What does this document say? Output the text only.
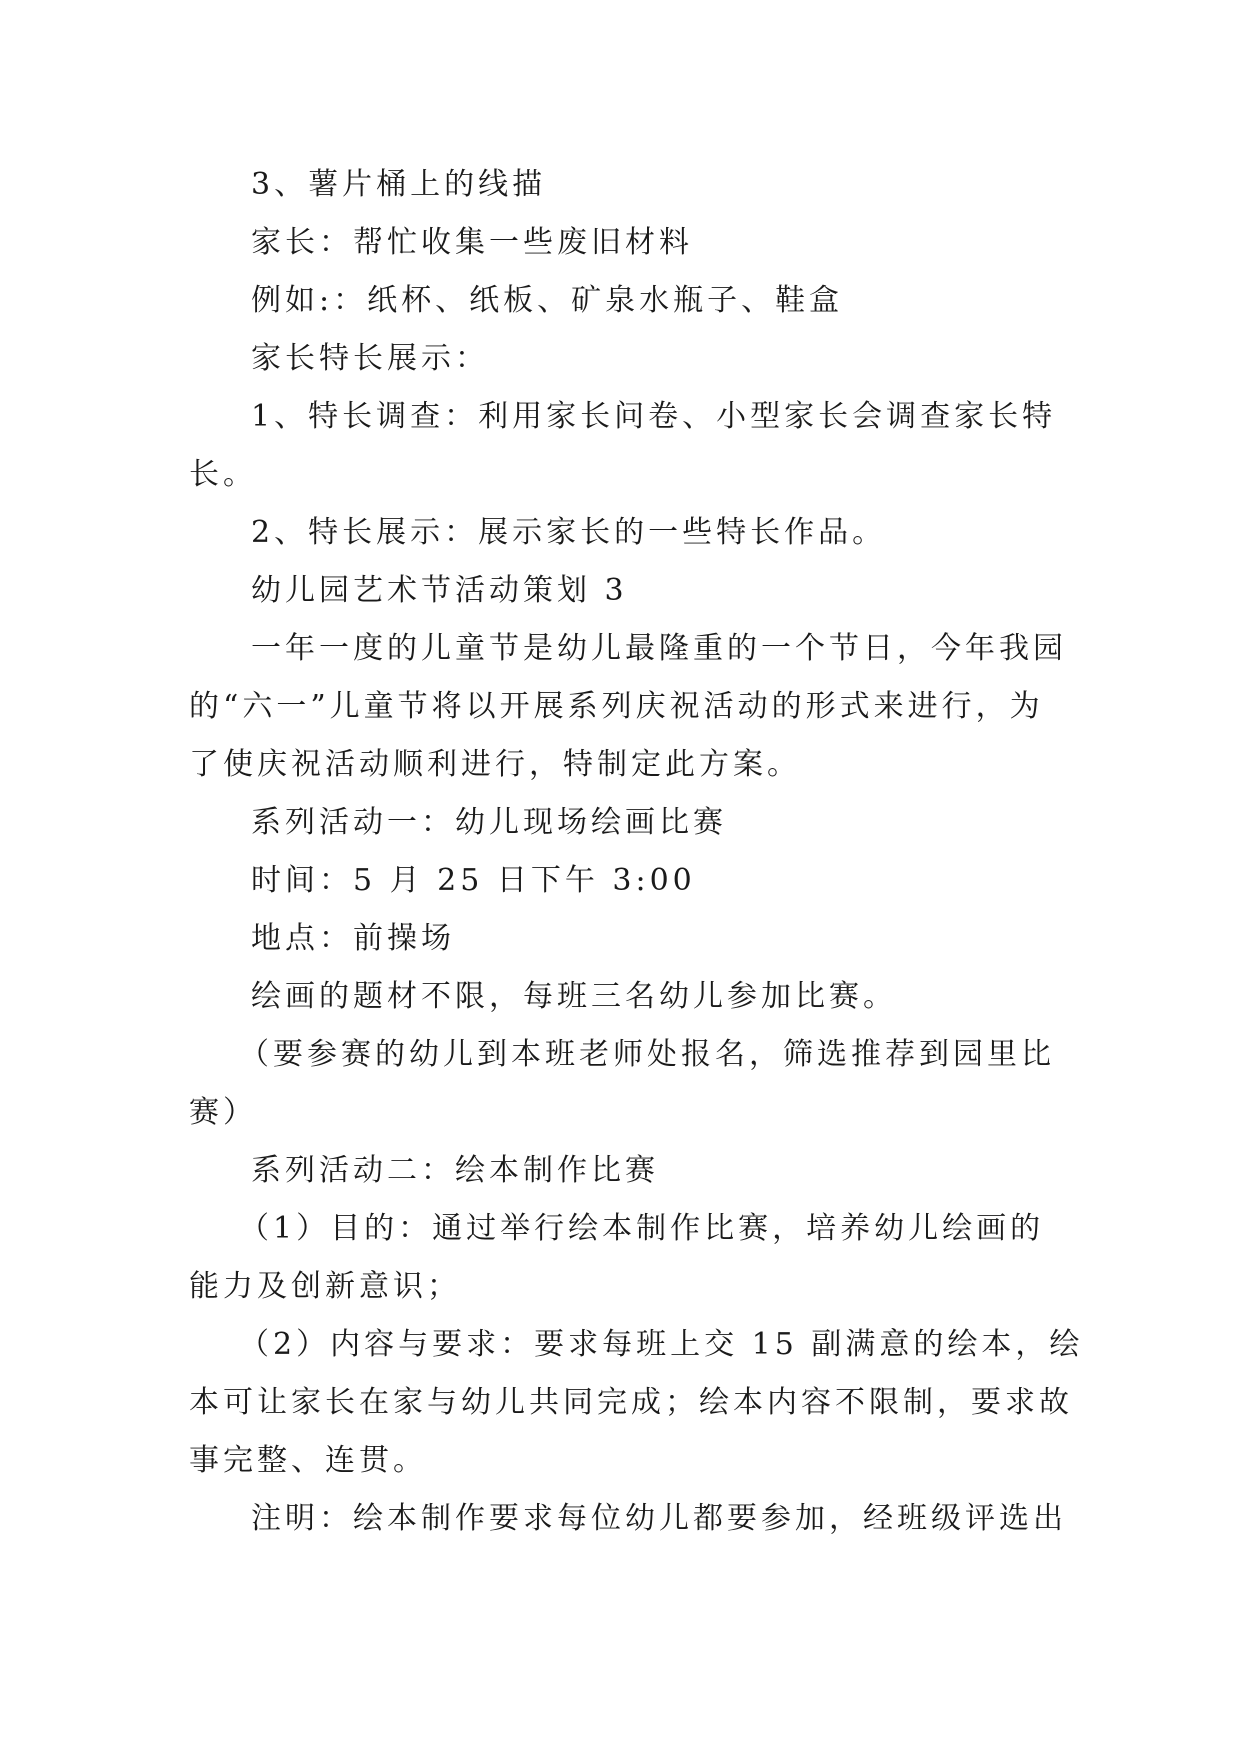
3、薯片桶上的线描
家长：帮忙收集一些废旧材料
例如:：纸杯、纸板、矿泉水瓶子、鞋盒
家长特长展示：
1、特长调查：利用家长问卷、小型家长会调查家长特
长。
2、特长展示：展示家长的一些特长作品。
幼儿园艺术节活动策划 3
一年一度的儿童节是幼儿最隆重的一个节日，今年我园
的“六一”儿童节将以开展系列庆祝活动的形式来进行，为
了使庆祝活动顺利进行，特制定此方案。
系列活动一：幼儿现场绘画比赛
时间：5 月 25 日下午 3:00
地点：前操场
绘画的题材不限，每班三名幼儿参加比赛。
（要参赛的幼儿到本班老师处报名，筛选推荐到园里比
赛）
系列活动二：绘本制作比赛
（1）目的：通过举行绘本制作比赛，培养幼儿绘画的
能力及创新意识；
（2）内容与要求：要求每班上交 15 副满意的绘本，绘
本可让家长在家与幼儿共同完成；绘本内容不限制，要求故
事完整、连贯。
注明：绘本制作要求每位幼儿都要参加，经班级评选出
